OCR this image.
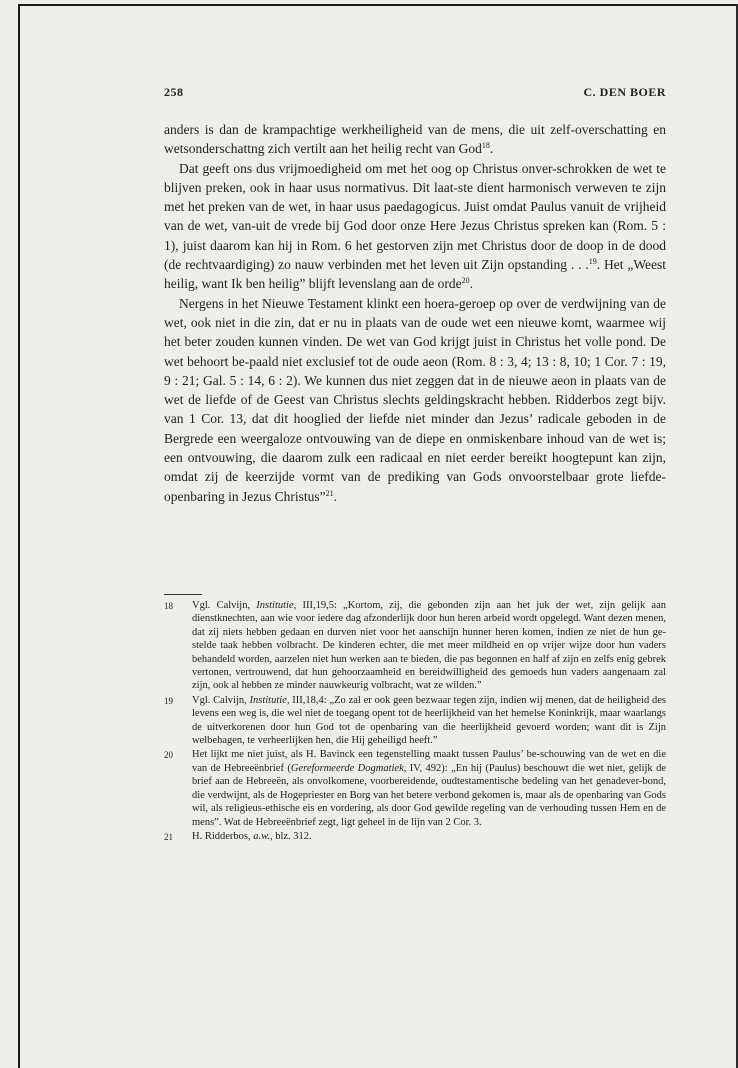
258	C. DEN BOER

anders is dan de krampachtige werkheiligheid van de mens, die uit zelf-overschatting en wetsonderschattng zich vertilt aan het heilig recht van God$^{18}$.

Dat geeft ons dus vrijmoedigheid om met het oog op Christus onver-schrokken de wet te blijven preken, ook in haar usus normativus. Dit laat-ste dient harmonisch verweven te zijn met het preken van de wet, in haar usus paedagogicus. Juist omdat Paulus vanuit de vrijheid van de wet, van-uit de vrede bij God door onze Here Jezus Christus spreken kan (Rom. 5 : 1), juist daarom kan hij in Rom. 6 het gestorven zijn met Christus door de doop in de dood (de rechtvaardiging) zo nauw verbinden met het leven uit Zijn opstanding . . .$^{19}$. Het „Weest heilig, want Ik ben heilig” blijft levenslang aan de orde$^{20}$.

Nergens in het Nieuwe Testament klinkt een hoera-geroep op over de verdwijning van de wet, ook niet in die zin, dat er nu in plaats van de oude wet een nieuwe komt, waarmee wij het beter zouden kunnen vinden. De wet van God krijgt juist in Christus het volle pond. De wet behoort be-paald niet exclusief tot de oude aeon (Rom. 8 : 3, 4; 13 : 8, 10; 1 Cor. 7 : 19, 9 : 21; Gal. 5 : 14, 6 : 2). We kunnen dus niet zeggen dat in de nieuwe aeon in plaats van de wet de liefde of de Geest van Christus slechts geldingskracht hebben. Ridderbos zegt bijv. van 1 Cor. 13, dat dit hooglied der liefde niet minder dan Jezus’ radicale geboden in de Bergrede een weergaloze ontvouwing van de diepe en onmiskenbare inhoud van de wet is; een ontvouwing, die daarom zulk een radicaal en niet eerder bereikt hoogtepunt kan zijn, omdat zij de keerzijde vormt van de prediking van Gods onvoorstelbaar grote liefde-openbaring in Jezus Christus”$^{21}$.

18	Vgl. Calvijn, Institutie, III,19,5: „Kortom, zij, die gebonden zijn aan het juk der wet, zijn gelijk aan dienstknechten, aan wie voor iedere dag afzonderlijk door hun heren arbeid wordt opgelegd. Want dezen menen, dat zij niets hebben gedaan en durven niet voor het aanschijn hunner heren komen, indien ze niet de hun ge-stelde taak hebben volbracht. De kinderen echter, die met meer mildheid en op vrijer wijze door hun vaders behandeld worden, aarzelen niet hun werken aan te bieden, die pas begonnen en half af zijn en zelfs enig gebrek vertonen, vertrouwend, dat hun gehoorzaamheid en bereidwilligheid des gemoeds hun vaders aangenaam zal zijn, ook al hebben ze minder nauwkeurig volbracht, wat ze wilden.”
19	Vgl. Calvijn, Institutie, III,18,4: „Zo zal er ook geen bezwaar tegen zijn, indien wij menen, dat de heiligheid des levens een weg is, die wel niet de toegang opent tot de heerlijkheid van het hemelse Koninkrijk, maar waarlangs de uitverkorenen door hun God tot de openbaring van die heerlijkheid gevoerd worden; want dit is Zijn welbehagen, te verheerlijken hen, die Hij geheiligd heeft.”
20	Het lijkt me niet juist, als H. Bavinck een tegenstelling maakt tussen Paulus’ be-schouwing van de wet en die van de Hebreeënbrief (Gereformeerde Dogmatiek, IV, 492): „En hij (Paulus) beschouwt die wet niet, gelijk de brief aan de Hebreeën, als onvolkomene, voorbereidende, oudtestamentische bedeling van het genadever-bond, die verdwijnt, als de Hogepriester en Borg van het betere verbond gekomen is, maar als de openbaring van Gods wil, als religieus-ethische eis en vordering, als door God gewilde regeling van de verhouding tussen Hem en de mens”. Wat de Hebreeënbrief zegt, ligt geheel in de lijn van 2 Cor. 3.
21	H. Ridderbos, a.w., blz. 312.
